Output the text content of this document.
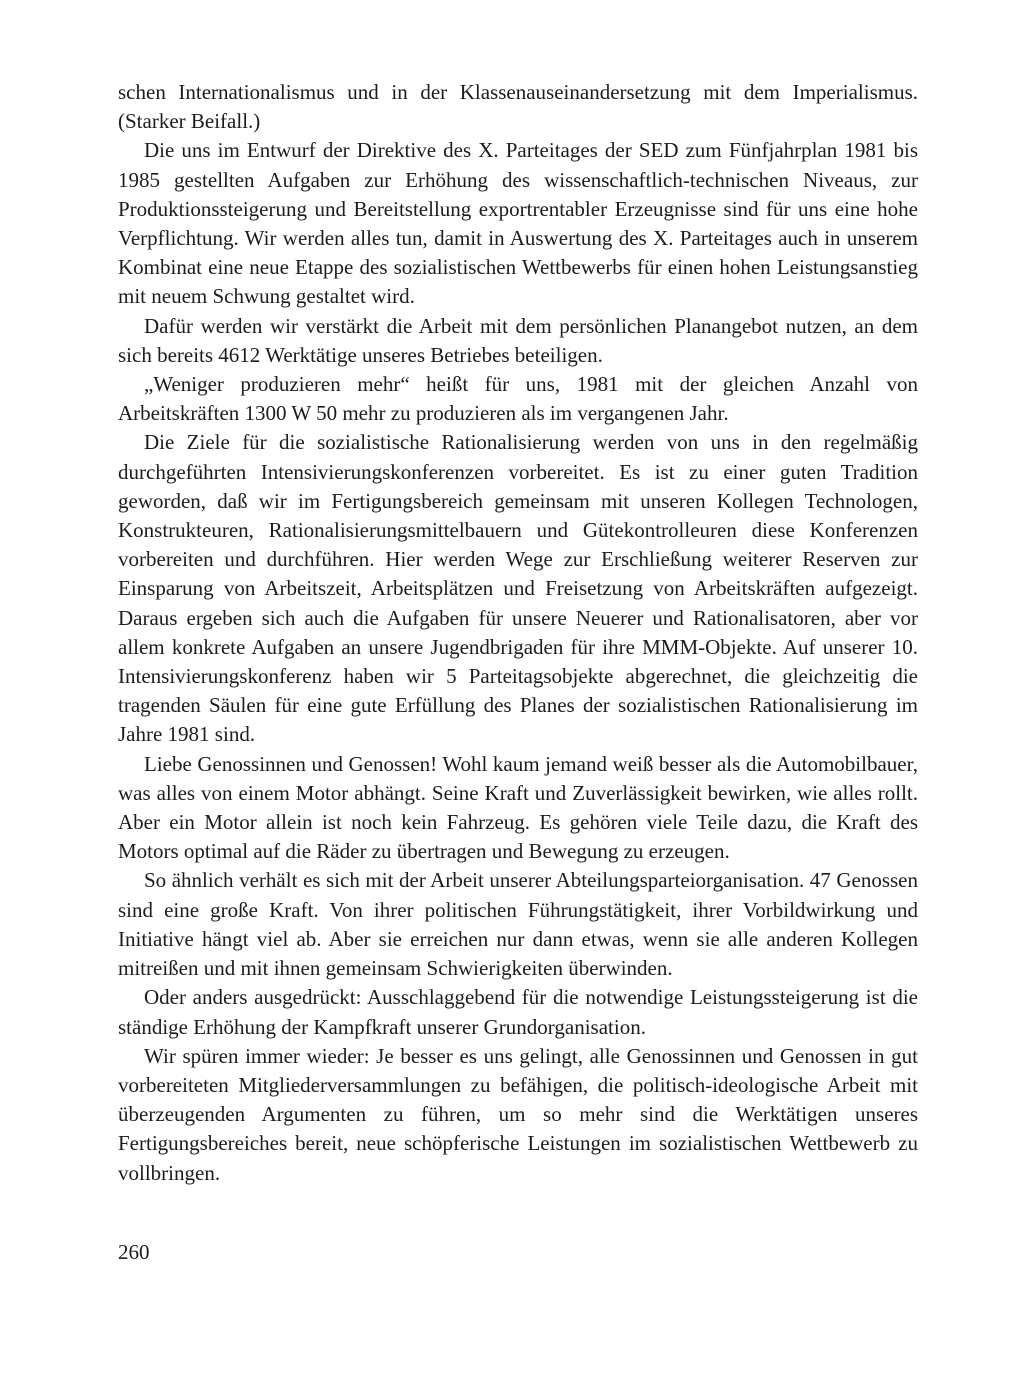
schen Internationalismus und in der Klassenauseinandersetzung mit dem Imperialismus. (Starker Beifall.)

Die uns im Entwurf der Direktive des X. Parteitages der SED zum Fünfjahrplan 1981 bis 1985 gestellten Aufgaben zur Erhöhung des wissenschaftlich-technischen Niveaus, zur Produktionssteigerung und Bereitstellung exportrentabler Erzeugnisse sind für uns eine hohe Verpflichtung. Wir werden alles tun, damit in Auswertung des X. Parteitages auch in unserem Kombinat eine neue Etappe des sozialistischen Wettbewerbs für einen hohen Leistungsanstieg mit neuem Schwung gestaltet wird.

Dafür werden wir verstärkt die Arbeit mit dem persönlichen Planangebot nutzen, an dem sich bereits 4612 Werktätige unseres Betriebes beteiligen.

„Weniger produzieren mehr“ heißt für uns, 1981 mit der gleichen Anzahl von Arbeitskräften 1300 W 50 mehr zu produzieren als im vergangenen Jahr.

Die Ziele für die sozialistische Rationalisierung werden von uns in den regelmäßig durchgeführten Intensivierungskonferenzen vorbereitet. Es ist zu einer guten Tradition geworden, daß wir im Fertigungsbereich gemeinsam mit unseren Kollegen Technologen, Konstrukteuren, Rationalisierungsmittelbauern und Gütekontrolleuren diese Konferenzen vorbereiten und durchführen. Hier werden Wege zur Erschließung weiterer Reserven zur Einsparung von Arbeitszeit, Arbeitsplätzen und Freisetzung von Arbeitskräften aufgezeigt. Daraus ergeben sich auch die Aufgaben für unsere Neuerer und Rationalisatoren, aber vor allem konkrete Aufgaben an unsere Jugendbrigaden für ihre MMM-Objekte. Auf unserer 10. Intensivierungskonferenz haben wir 5 Parteitagsobjekte abgerechnet, die gleichzeitig die tragenden Säulen für eine gute Erfüllung des Planes der sozialistischen Rationalisierung im Jahre 1981 sind.

Liebe Genossinnen und Genossen! Wohl kaum jemand weiß besser als die Automobilbauer, was alles von einem Motor abhängt. Seine Kraft und Zuverlässigkeit bewirken, wie alles rollt. Aber ein Motor allein ist noch kein Fahrzeug. Es gehören viele Teile dazu, die Kraft des Motors optimal auf die Räder zu übertragen und Bewegung zu erzeugen.

So ähnlich verhält es sich mit der Arbeit unserer Abteilungsparteiorganisation. 47 Genossen sind eine große Kraft. Von ihrer politischen Führungstätigkeit, ihrer Vorbildwirkung und Initiative hängt viel ab. Aber sie erreichen nur dann etwas, wenn sie alle anderen Kollegen mitreißen und mit ihnen gemeinsam Schwierigkeiten überwinden.

Oder anders ausgedrückt: Ausschlaggebend für die notwendige Leistungssteigerung ist die ständige Erhöhung der Kampfkraft unserer Grundorganisation.

Wir spüren immer wieder: Je besser es uns gelingt, alle Genossinnen und Genossen in gut vorbereiteten Mitgliederversammlungen zu befähigen, die politisch-ideologische Arbeit mit überzeugenden Argumenten zu führen, um so mehr sind die Werktätigen unseres Fertigungsbereiches bereit, neue schöpferische Leistungen im sozialistischen Wettbewerb zu vollbringen.

260
